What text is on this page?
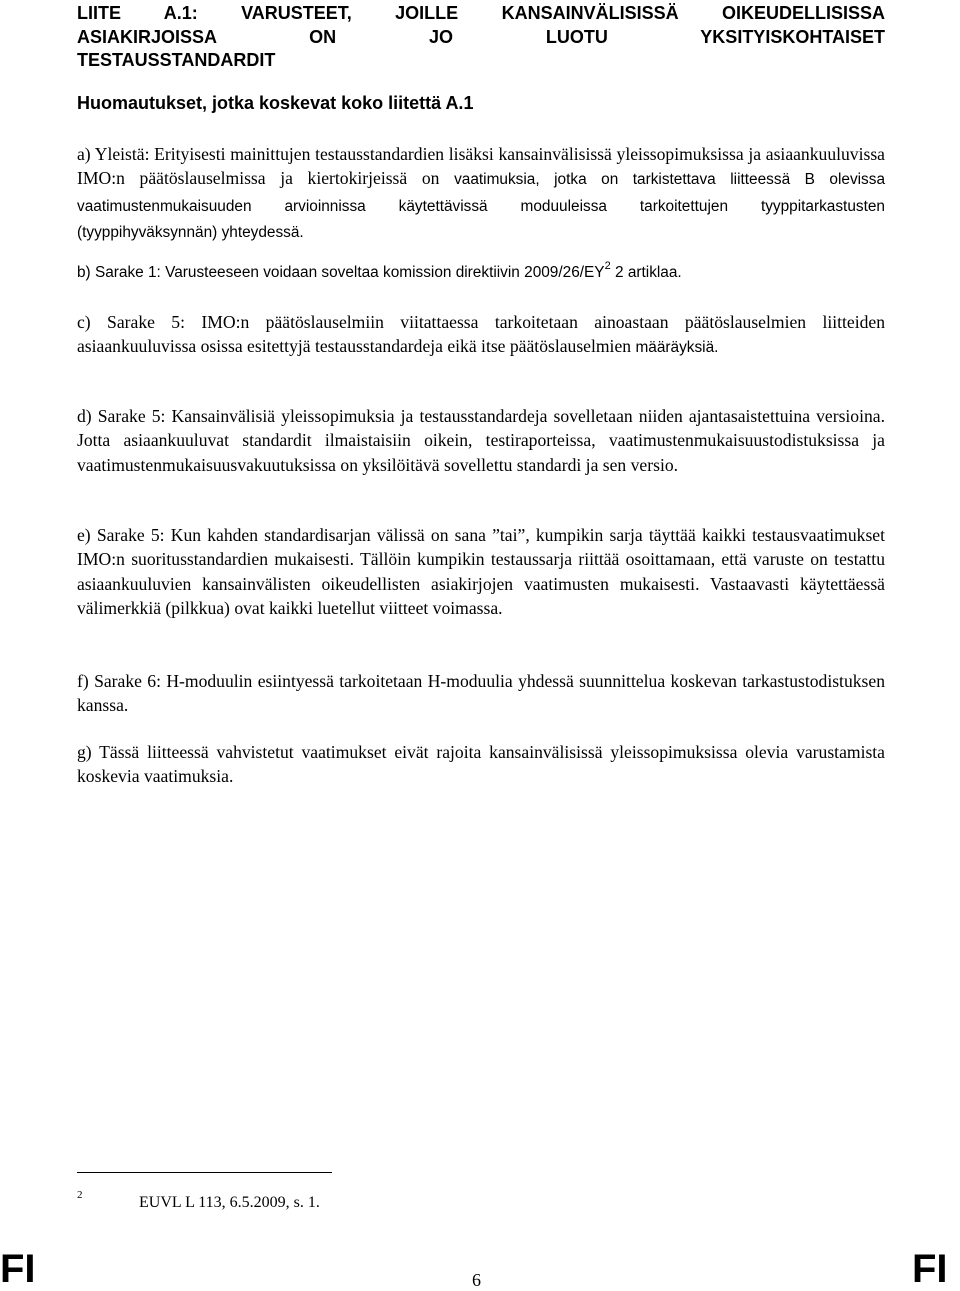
LIITE A.1: VARUSTEET, JOILLE KANSAINVÄLISISSÄ OIKEUDELLISISSA
ASIAKIRJOISSA ON JO LUOTU YKSITYISKOHTAISET
TESTAUSSTANDARDIT
Huomautukset, jotka koskevat koko liitettä A.1

a) Yleistä: Erityisesti mainittujen testausstandardien lisäksi kansainvälisissä yleissopimuksissa ja asiaankuuluvissa IMO:n päätöslauselmissa ja kiertokirjeissä on vaatimuksia, jotka on tarkistettava liitteessä B olevissa vaatimustenmukaisuuden arvioinnissa käytettävissä moduuleissa tarkoitettujen tyyppitarkastusten (tyyppihyväksynnän) yhteydessä.

b) Sarake 1: Varusteeseen voidaan soveltaa komission direktiivin $2009/26/EY^2$ 2 artiklaa.

c) Sarake 5: IMO:n päätöslauselmiin viitattaessa tarkoitetaan ainoastaan päätöslauselmien liitteiden asiaankuuluvissa osissa esitettyjä testausstandardeja eikä itse päätöslauselmien määräyksiä.

d) Sarake 5: Kansainvälisiä yleissopimuksia ja testausstandardeja sovelletaan niiden ajantasaistettuina versioina. Jotta asiaankuuluvat standardit ilmaistaisiin oikein, testiraporteissa, vaatimustenmukaisuustodistuksissa ja vaatimustenmukaisuusvakuutuksissa on yksilöitävä sovellettu standardi ja sen versio.

e) Sarake 5: Kun kahden standardisarjan välissä on sana ”tai”, kumpikin sarja täyttää kaikki testausvaatimukset IMO:n suoritusstandardien mukaisesti. Tällöin kumpikin testaussarja riittää osoittamaan, että varuste on testattu asiaankuuluvien kansainvälisten oikeudellisten asiakirjojen vaatimusten mukaisesti. Vastaavasti käytettäessä välimerkkiä (pilkkua) ovat kaikki luetellut viitteet voimassa.

f) Sarake 6: H-moduulin esiintyessä tarkoitetaan H-moduulia yhdessä suunnittelua koskevan tarkastustodistuksen kanssa.

g) Tässä liitteessä vahvistetut vaatimukset eivät rajoita kansainvälisissä yleissopimuksissa olevia varustamista koskevia vaatimuksia.

2	EUVL L 113, 6.5.2009, s. 1.

FI	6	FI
